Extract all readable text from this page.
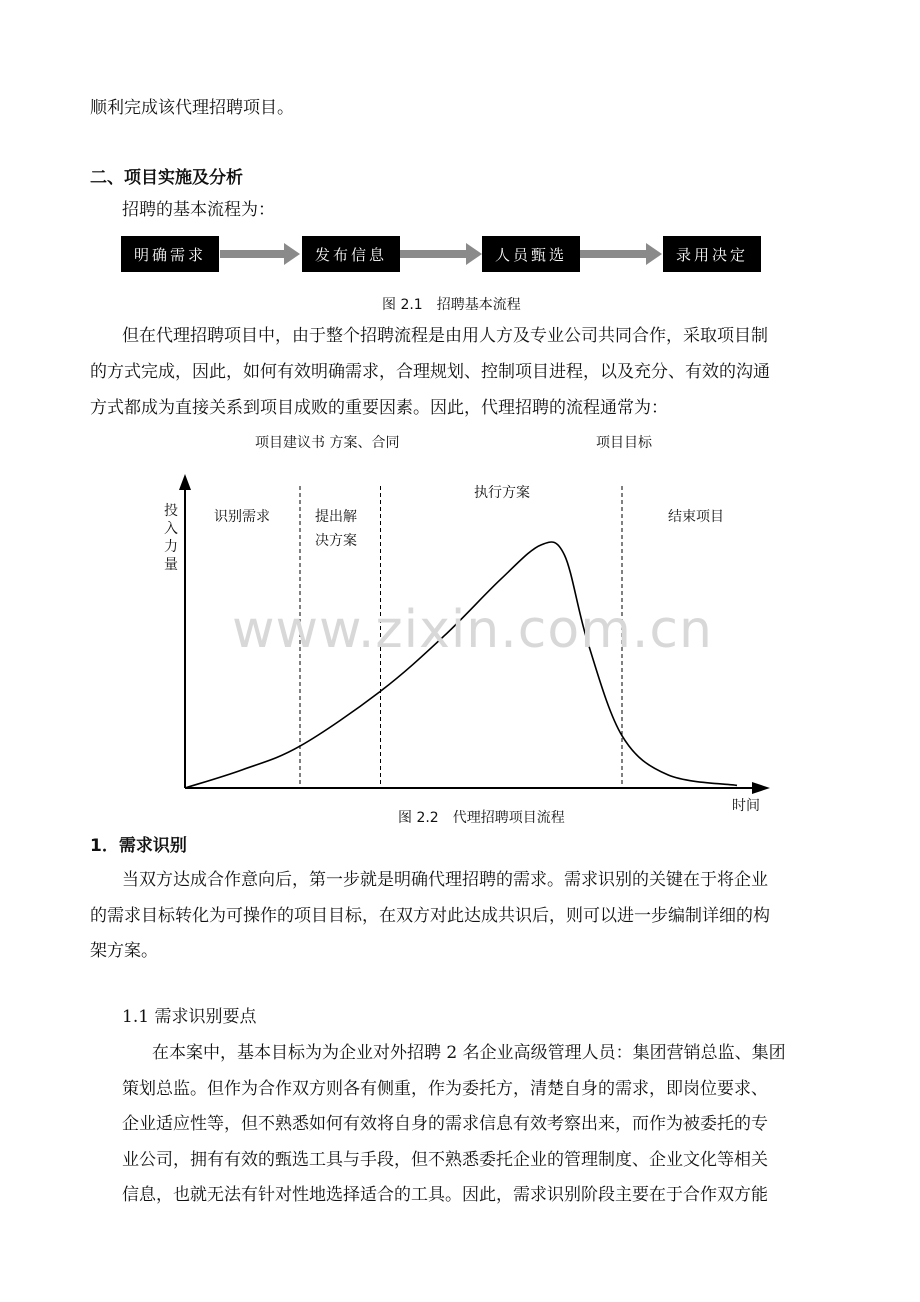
顺利完成该代理招聘项目。
二、项目实施及分析
招聘的基本流程为：
明确需求	发布信息	人员甄选	录用决定
图 2.1　招聘基本流程
但在代理招聘项目中，由于整个招聘流程是由用人方及专业公司共同合作，采取项目制
的方式完成，因此，如何有效明确需求，合理规划、控制项目进程，以及充分、有效的沟通
方式都成为直接关系到项目成败的重要因素。因此，代理招聘的流程通常为：
项目建议书 方案、合同	项目目标
投入力量
识别需求	提出解
决方案
执行方案
结束项目
时间
www.zixin.com.cn
图 2.2　代理招聘项目流程
1．需求识别
当双方达成合作意向后，第一步就是明确代理招聘的需求。需求识别的关键在于将企业
的需求目标转化为可操作的项目目标，在双方对此达成共识后，则可以进一步编制详细的构
架方案。
1.1 需求识别要点
在本案中，基本目标为为企业对外招聘 2 名企业高级管理人员：集团营销总监、集团
策划总监。但作为合作双方则各有侧重，作为委托方，清楚自身的需求，即岗位要求、
企业适应性等，但不熟悉如何有效将自身的需求信息有效考察出来，而作为被委托的专
业公司，拥有有效的甄选工具与手段，但不熟悉委托企业的管理制度、企业文化等相关
信息，也就无法有针对性地选择适合的工具。因此，需求识别阶段主要在于合作双方能
